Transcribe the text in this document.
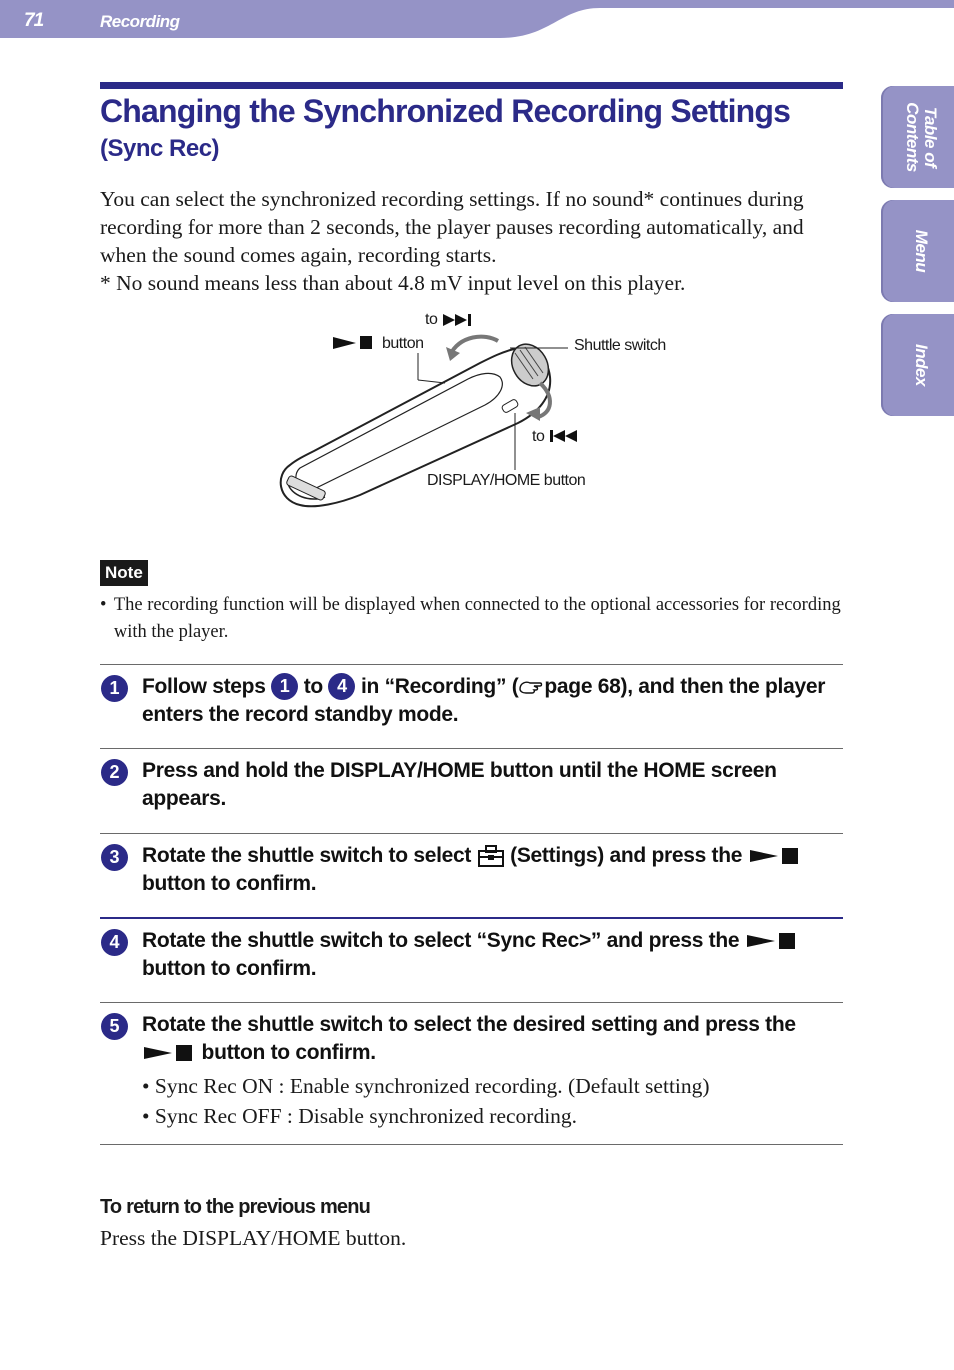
71	Recording
Table of
Contents
Menu
Index
Changing the Synchronized Recording Settings
(Sync Rec)

You can select the synchronized recording settings. If no sound* continues during recording for more than 2 seconds, the player pauses recording automatically, and when the sound comes again, recording starts.

* No sound means less than about 4.8 mV input level on this player.

to
button	Shuttle switch
to
DISPLAY/HOME button
Note
• The recording function will be displayed when connected to the optional accessories for recording with the player.
1	Follow steps 1 to 4 in “Recording” ( page 68), and then the player enters the record standby mode.
2	Press and hold the DISPLAY/HOME button until the HOME screen appears.
3	Rotate the shuttle switch to select (Settings) and press the
button to confirm.
4	Rotate the shuttle switch to select “Sync Rec>” and press the
button to confirm.
5	Rotate the shuttle switch to select the desired setting and press the
button to confirm.
• Sync Rec ON : Enable synchronized recording. (Default setting)
• Sync Rec OFF : Disable synchronized recording.
To return to the previous menu
Press the DISPLAY/HOME button.
